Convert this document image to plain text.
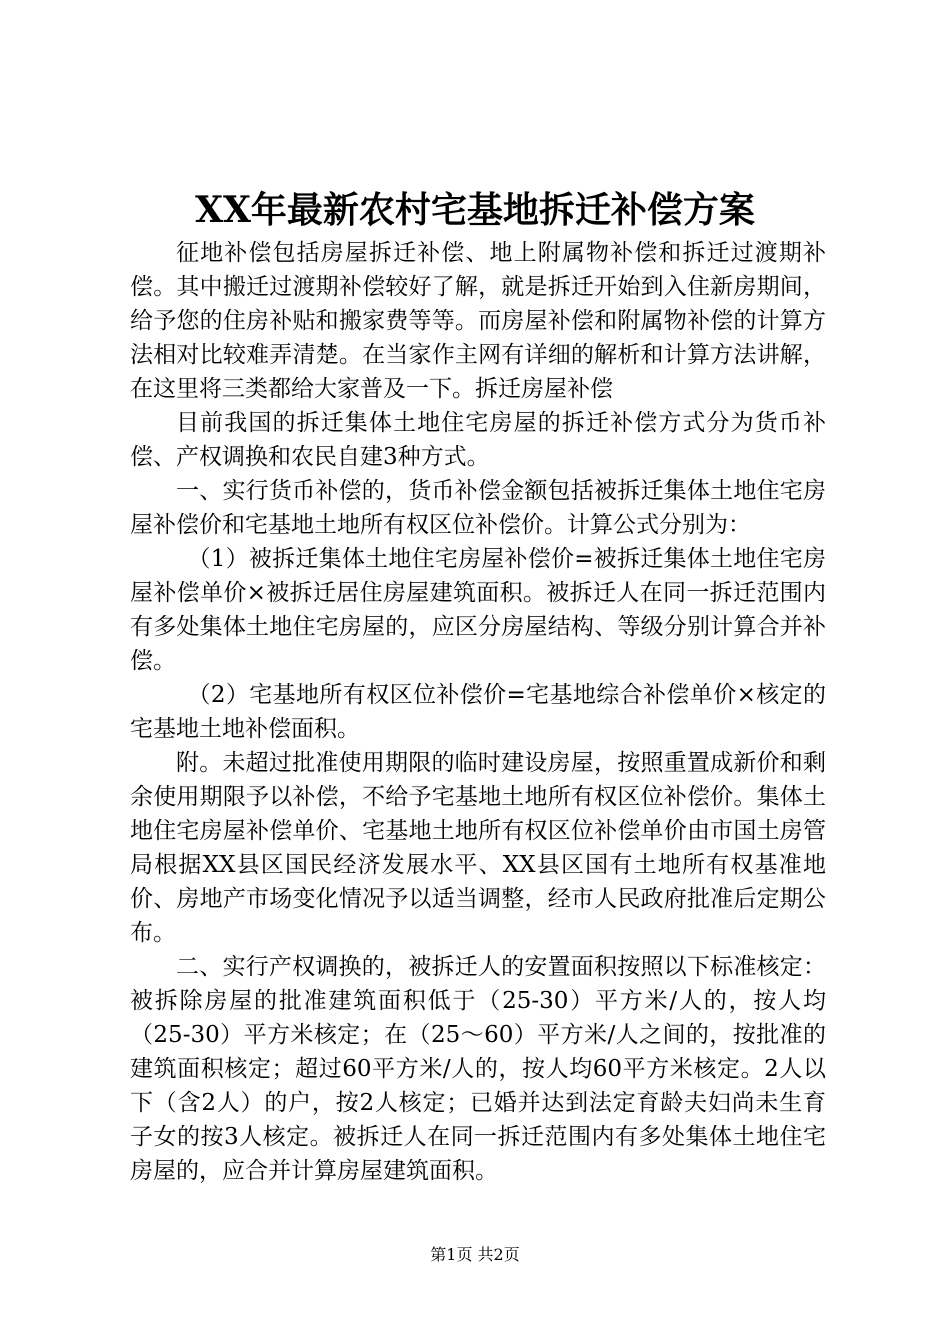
XX年最新农村宅基地拆迁补偿方案

征地补偿包括房屋拆迁补偿、地上附属物补偿和拆迁过渡期补偿。其中搬迁过渡期补偿较好了解，就是拆迁开始到入住新房期间，给予您的住房补贴和搬家费等等。而房屋补偿和附属物补偿的计算方法相对比较难弄清楚。在当家作主网有详细的解析和计算方法讲解，在这里将三类都给大家普及一下。拆迁房屋补偿

目前我国的拆迁集体土地住宅房屋的拆迁补偿方式分为货币补偿、产权调换和农民自建3种方式。

一、实行货币补偿的，货币补偿金额包括被拆迁集体土地住宅房屋补偿价和宅基地土地所有权区位补偿价。计算公式分别为：

（1）被拆迁集体土地住宅房屋补偿价=被拆迁集体土地住宅房屋补偿单价×被拆迁居住房屋建筑面积。被拆迁人在同一拆迁范围内有多处集体土地住宅房屋的，应区分房屋结构、等级分别计算合并补偿。

（2）宅基地所有权区位补偿价=宅基地综合补偿单价×核定的宅基地土地补偿面积。

附。未超过批准使用期限的临时建设房屋，按照重置成新价和剩余使用期限予以补偿，不给予宅基地土地所有权区位补偿价。集体土地住宅房屋补偿单价、宅基地土地所有权区位补偿单价由市国土房管局根据XX县区国民经济发展水平、XX县区国有土地所有权基准地价、房地产市场变化情况予以适当调整，经市人民政府批准后定期公布。

二、实行产权调换的，被拆迁人的安置面积按照以下标准核定：被拆除房屋的批准建筑面积低于（25-30）平方米/人的，按人均（25-30）平方米核定；在（25～60）平方米/人之间的，按批准的建筑面积核定；超过60平方米/人的，按人均60平方米核定。2人以下（含2人）的户，按2人核定；已婚并达到法定育龄夫妇尚未生育子女的按3人核定。被拆迁人在同一拆迁范围内有多处集体土地住宅房屋的，应合并计算房屋建筑面积。

第1页 共2页
